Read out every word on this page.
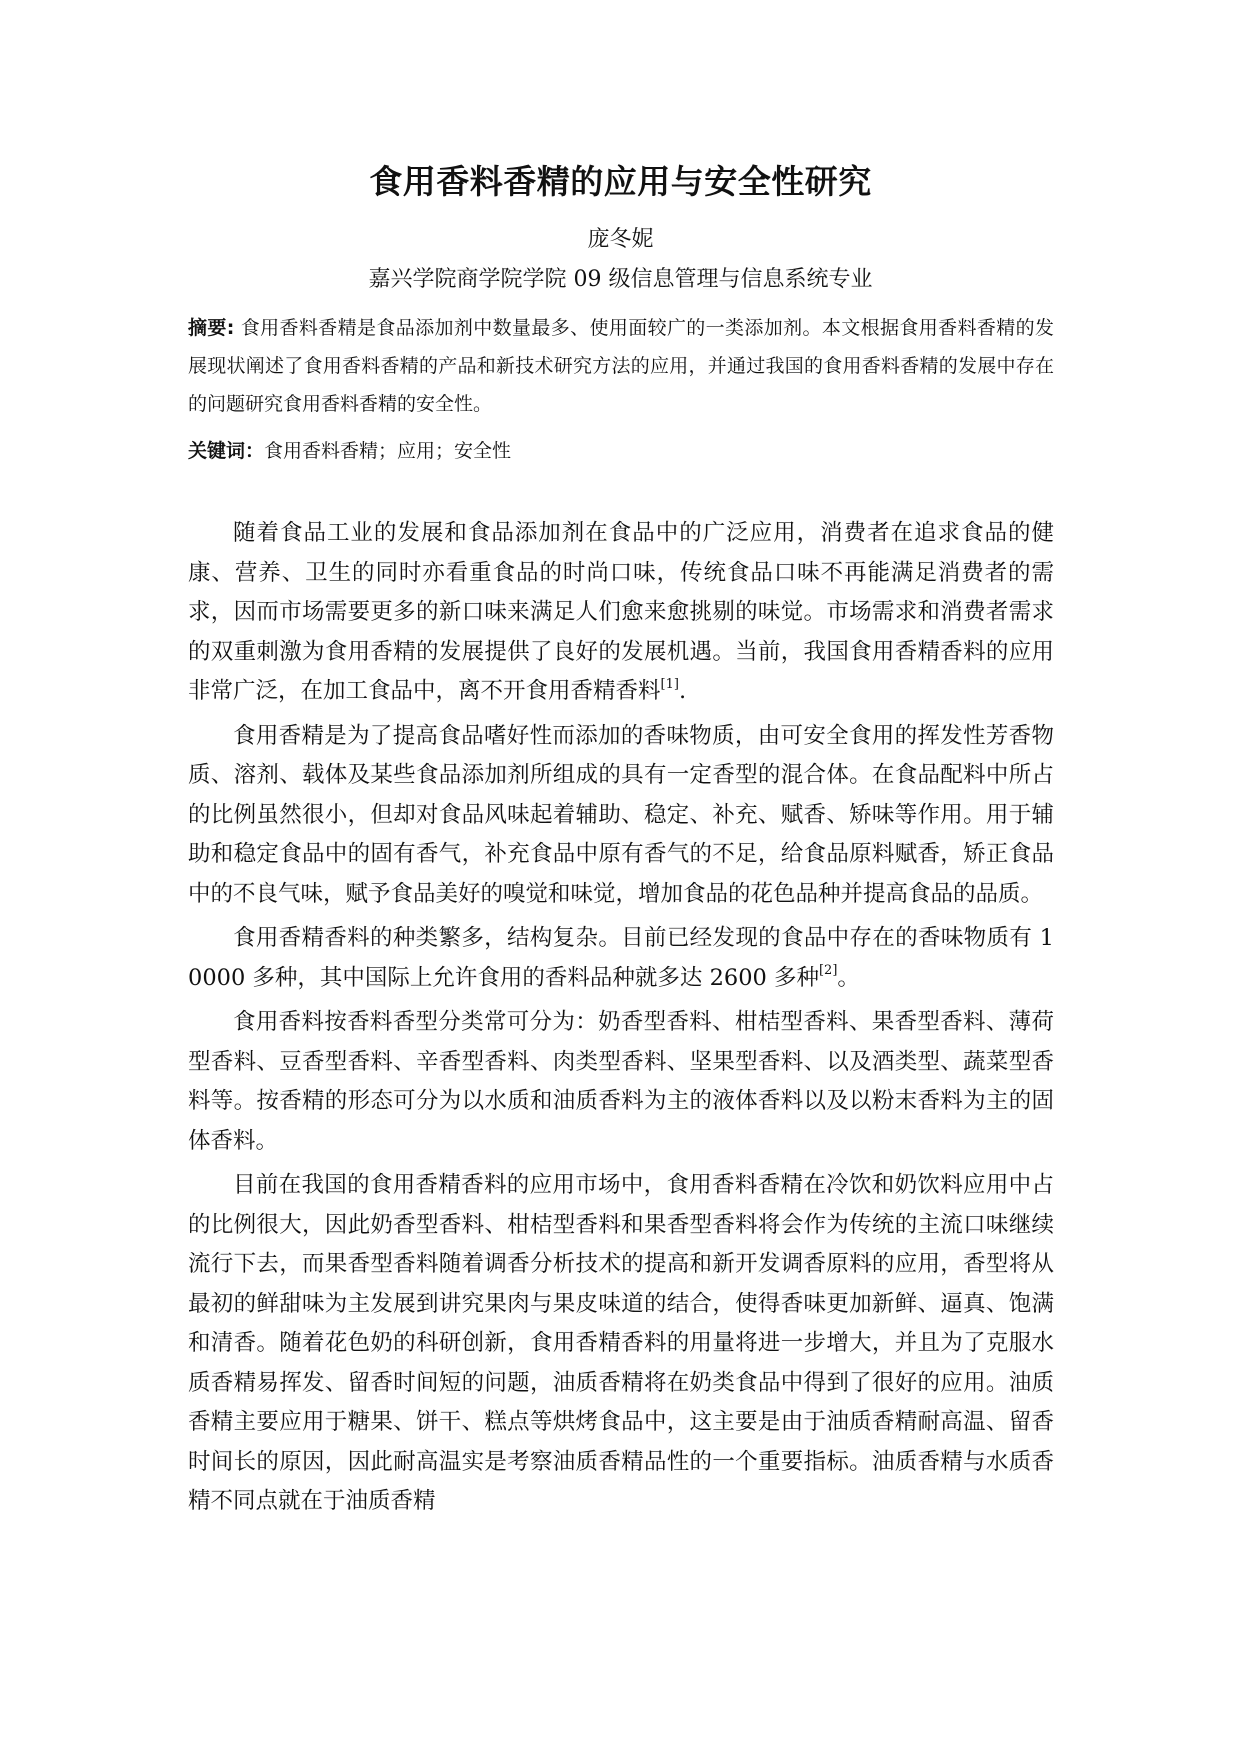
食用香料香精的应用与安全性研究
庞冬妮
嘉兴学院商学院学院 09 级信息管理与信息系统专业
摘要: 食用香料香精是食品添加剂中数量最多、使用面较广的一类添加剂。本文根据食用香料香精的发展现状阐述了食用香料香精的产品和新技术研究方法的应用，并通过我国的食用香料香精的发展中存在的问题研究食用香料香精的安全性。
关键词：食用香料香精；应用；安全性

随着食品工业的发展和食品添加剂在食品中的广泛应用，消费者在追求食品的健康、营养、卫生的同时亦看重食品的时尚口味，传统食品口味不再能满足消费者的需求，因而市场需要更多的新口味来满足人们愈来愈挑剔的味觉。市场需求和消费者需求的双重刺激为食用香精的发展提供了良好的发展机遇。当前，我国食用香精香料的应用非常广泛，在加工食品中，离不开食用香精香料[1].

食用香精是为了提高食品嗜好性而添加的香味物质，由可安全食用的挥发性芳香物质、溶剂、载体及某些食品添加剂所组成的具有一定香型的混合体。在食品配料中所占的比例虽然很小，但却对食品风味起着辅助、稳定、补充、赋香、矫味等作用。用于辅助和稳定食品中的固有香气，补充食品中原有香气的不足，给食品原料赋香，矫正食品中的不良气味，赋予食品美好的嗅觉和味觉，增加食品的花色品种并提高食品的品质。

食用香精香料的种类繁多，结构复杂。目前已经发现的食品中存在的香味物质有 1 0000 多种，其中国际上允许食用的香料品种就多达 2600 多种[2]。

食用香料按香料香型分类常可分为：奶香型香料、柑桔型香料、果香型香料、薄荷型香料、豆香型香料、辛香型香料、肉类型香料、坚果型香料、以及酒类型、蔬菜型香料等。按香精的形态可分为以水质和油质香料为主的液体香料以及以粉末香料为主的固体香料。

目前在我国的食用香精香料的应用市场中，食用香料香精在冷饮和奶饮料应用中占的比例很大，因此奶香型香料、柑桔型香料和果香型香料将会作为传统的主流口味继续流行下去，而果香型香料随着调香分析技术的提高和新开发调香原料的应用，香型将从最初的鲜甜味为主发展到讲究果肉与果皮味道的结合，使得香味更加新鲜、逼真、饱满和清香。随着花色奶的科研创新，食用香精香料的用量将进一步增大，并且为了克服水质香精易挥发、留香时间短的问题，油质香精将在奶类食品中得到了很好的应用。油质香精主要应用于糖果、饼干、糕点等烘烤食品中，这主要是由于油质香精耐高温、留香时间长的原因，因此耐高温实是考察油质香精品性的一个重要指标。油质香精与水质香精不同点就在于油质香精
